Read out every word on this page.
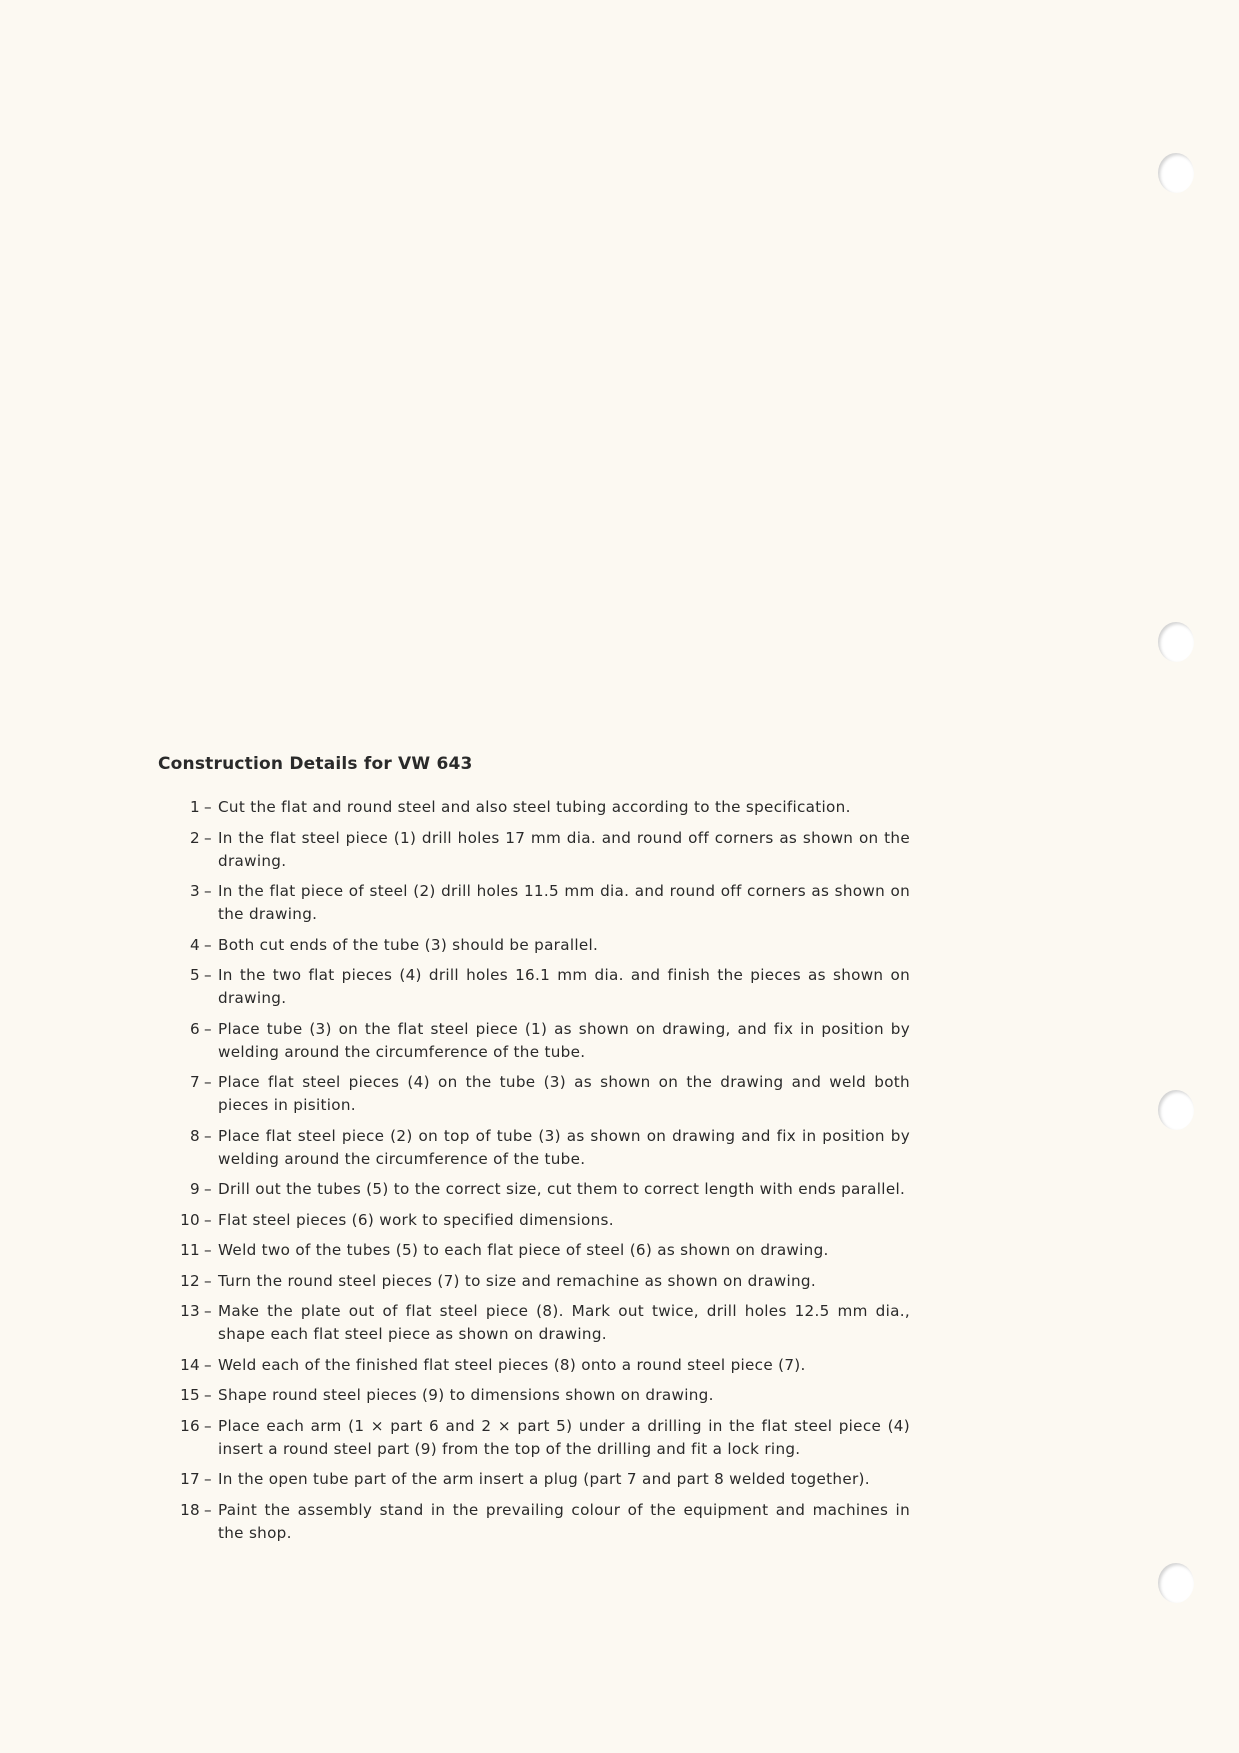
Construction Details for VW 643
1 – Cut the flat and round steel and also steel tubing according to the specification.
2 – In the flat steel piece (1) drill holes 17 mm dia. and round off corners as shown on the drawing.
3 – In the flat piece of steel (2) drill holes 11.5 mm dia. and round off corners as shown on the drawing.
4 – Both cut ends of the tube (3) should be parallel.
5 – In the two flat pieces (4) drill holes 16.1 mm dia. and finish the pieces as shown on drawing.
6 – Place tube (3) on the flat steel piece (1) as shown on drawing, and fix in position by welding around the circumference of the tube.
7 – Place flat steel pieces (4) on the tube (3) as shown on the drawing and weld both pieces in pisition.
8 – Place flat steel piece (2) on top of tube (3) as shown on drawing and fix in position by welding around the circumference of the tube.
9 – Drill out the tubes (5) to the correct size, cut them to correct length with ends parallel.
10 – Flat steel pieces (6) work to specified dimensions.
11 – Weld two of the tubes (5) to each flat piece of steel (6) as shown on drawing.
12 – Turn the round steel pieces (7) to size and remachine as shown on drawing.
13 – Make the plate out of flat steel piece (8). Mark out twice, drill holes 12.5 mm dia., shape each flat steel piece as shown on drawing.
14 – Weld each of the finished flat steel pieces (8) onto a round steel piece (7).
15 – Shape round steel pieces (9) to dimensions shown on drawing.
16 – Place each arm (1 × part 6 and 2 × part 5) under a drilling in the flat steel piece (4) insert a round steel part (9) from the top of the drilling and fit a lock ring.
17 – In the open tube part of the arm insert a plug (part 7 and part 8 welded together).
18 – Paint the assembly stand in the prevailing colour of the equipment and machines in the shop.
